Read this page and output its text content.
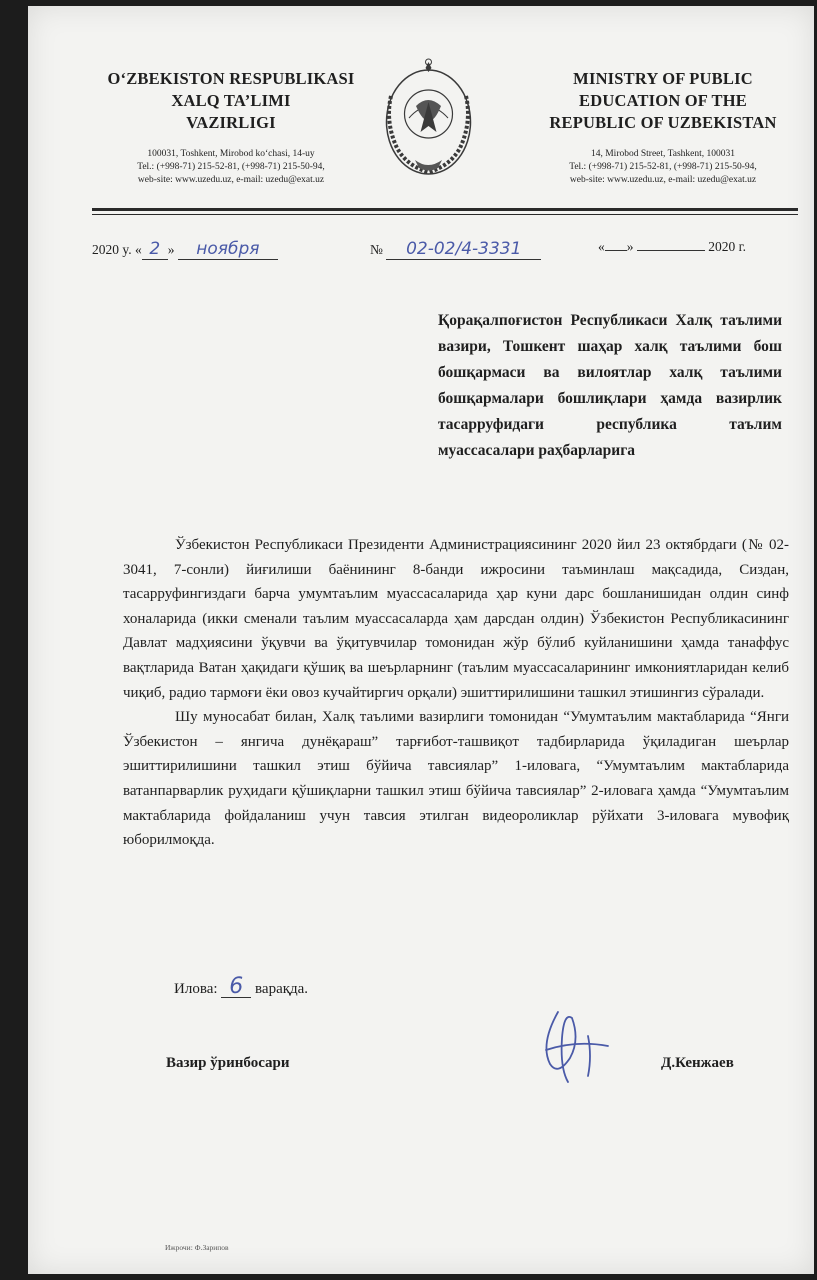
O‘ZBEKISTON RESPUBLIKASI
XALQ TA’LIMI
VAZIRLIGI
100031, Toshkent, Mirobod ko‘chasi, 14-uy
Tel.: (+998-71) 215-52-81, (+998-71) 215-50-94,
web-site: www.uzedu.uz, e-mail: uzedu@exat.uz
MINISTRY OF PUBLIC
EDUCATION OF THE
REPUBLIC OF UZBEKISTAN
14, Mirobod Street, Tashkent, 100031
Tel.: (+998-71) 215-52-81, (+998-71) 215-50-94,
web-site: www.uzedu.uz, e-mail: uzedu@exat.uz
2020 y. « 2 » ноября	№ 02-02/4-3331	« »	2020 г.
Қорақалпоғистон Республикаси Халқ таълими вазири, Тошкент шаҳар халқ таълими бош бошқармаси ва вилоятлар халқ таълими бошқармалари бошлиқлари ҳамда вазирлик тасарруфидаги республика таълим муассасалари раҳбарларига

Ўзбекистон Республикаси Президенти Администрациясининг 2020 йил 23 октябрдаги (№ 02-3041, 7-сонли) йиғилиши баёнининг 8-банди ижросини таъминлаш мақсадида, Сиздан, тасарруфингиздаги барча умумтаълим муассасаларида ҳар куни дарс бошланишидан олдин синф хоналарида (икки сменали таълим муассасаларда ҳам дарсдан олдин) Ўзбекистон Республикасининг Давлат мадҳиясини ўқувчи ва ўқитувчилар томонидан жўр бўлиб куйланишини ҳамда танаффус вақтларида Ватан ҳақидаги қўшиқ ва шеърларнинг (таълим муассасаларининг имкониятларидан келиб чиқиб, радио тармоғи ёки овоз кучайтиргич орқали) эшиттирилишини ташкил этишингиз сўралади.

Шу муносабат билан, Халқ таълими вазирлиги томонидан “Умумтаълим мактабларида “Янги Ўзбекистон – янгича дунёқараш” тарғибот-ташвиқот тадбирларида ўқиладиган шеърлар эшиттирилишини ташкил этиш бўйича тавсиялар” 1-иловага, “Умумтаълим мактабларида ватанпарварлик руҳидаги қўшиқларни ташкил этиш бўйича тавсиялар” 2-иловага ҳамда “Умумтаълим мактабларида фойдаланиш учун тавсия этилган видеороликлар рўйхати 3-иловага мувофиқ юборилмоқда.

Илова: 6 варақда.
Вазир ўринбосари	Д.Кенжаев
Ижрочи: Ф.Зарипов
